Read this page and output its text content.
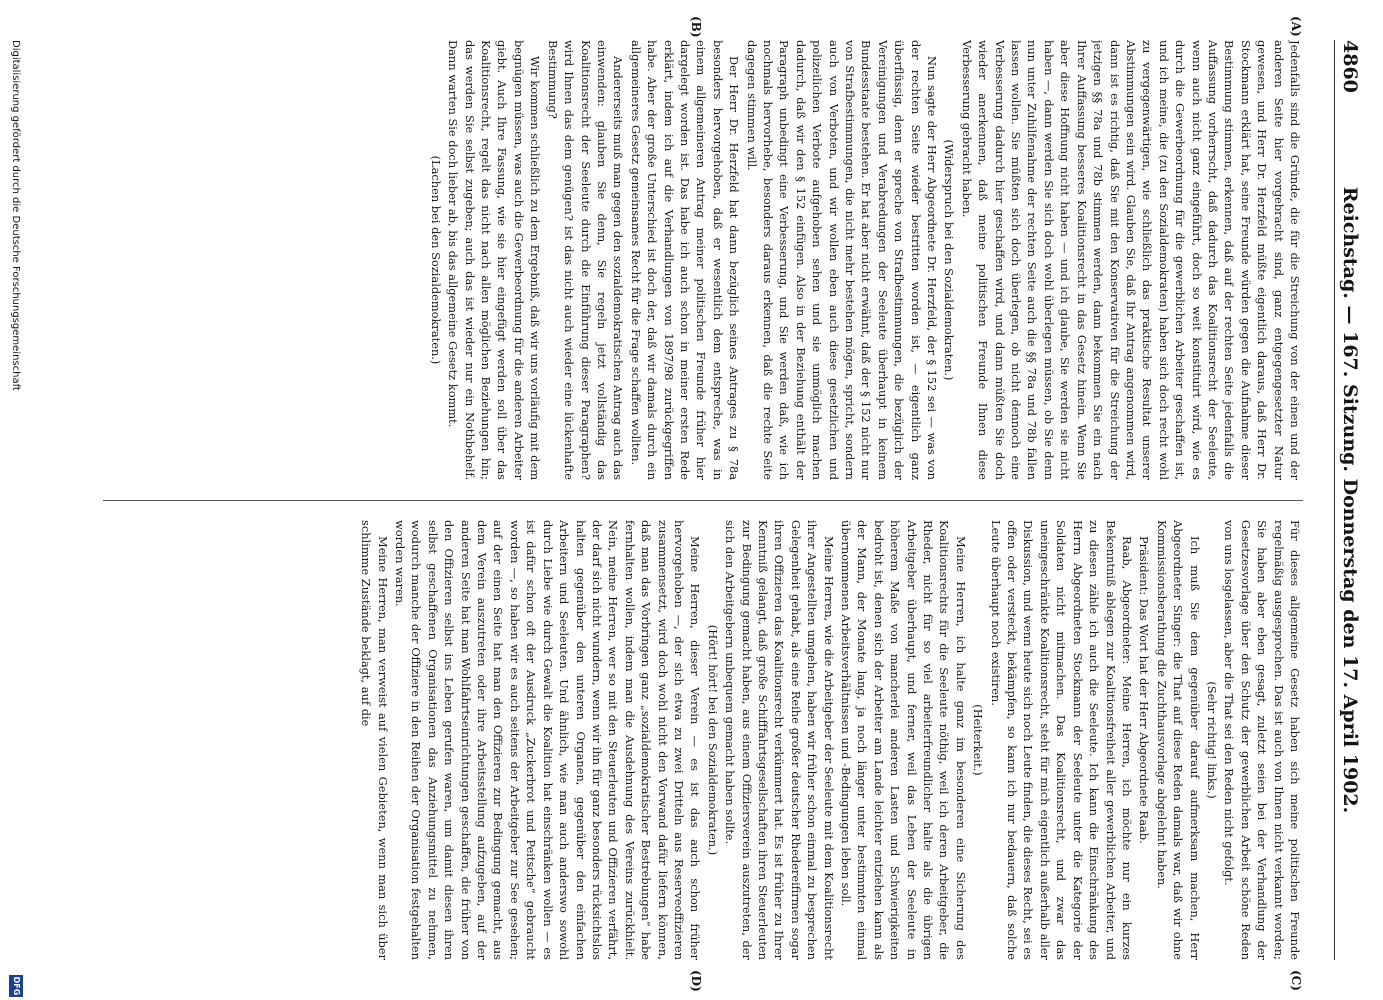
4860
Reichstag. — 167. Sitzung. Donnerstag den 17. April 1902.
(A)
(B)
(C)
(D)

Jedenfalls sind die Gründe, die für die Streichung von der einen und der anderen Seite hier vorgebracht sind, ganz entgegengesetzter Natur gewesen, und Herr Dr. Herzfeld müßte eigentlich daraus, daß Herr Dr. Stockmann erklärt hat, seine Freunde würden gegen die Aufnahme dieser Bestimmung stimmen, erkennen, daß auf der rechten Seite jedenfalls die Auffassung vorherrscht, daß dadurch das Koalitionsrecht der Seeleute, wenn auch nicht ganz eingeführt, doch so weit konstituirt wird, wie es durch die Gewerbeordnung für die gewerblichen Arbeiter geschaffen ist, und ich meine, die (zu den Sozialdemokraten) haben sich doch recht wohl zu vergegenwärtigen, wie schließlich das praktische Resultat unserer Abstimmungen sein wird. Glauben Sie, daß Ihr Antrag angenommen wird, dann ist es richtig, daß Sie mit den Konservativen für die Streichung der jetzigen §§ 78a und 78b stimmen werden, dann bekommen Sie ein nach Ihrer Auffassung besseres Koalitionsrecht in das Gesetz hinein. Wenn Sie aber diese Hoffnung nicht haben — und ich glaube, Sie werden sie nicht haben —, dann werden Sie sich doch wohl überlegen müssen, ob Sie denn nun unter Zuhilfenahme der rechten Seite auch die §§ 78a und 78b fallen lassen wollen. Sie müßten sich doch überlegen, ob nicht dennoch eine Verbesserung dadurch hier geschaffen wird, und dann müßten Sie doch wieder anerkennen, daß meine politischen Freunde Ihnen diese Verbesserung gebracht haben.

(Widerspruch bei den Sozialdemokraten.)

Nun sagte der Herr Abgeordnete Dr. Herzfeld, der § 152 sei — was von der rechten Seite wieder bestritten worden ist, — eigentlich ganz überflüssig, denn er spreche von Strafbestimmungen, die bezüglich der Vereinigungen und Verabredungen der Seeleute überhaupt in keinem Bundesstaate bestehen. Er hat aber nicht erwähnt, daß der § 152 nicht nur von Strafbestimmungen, die nicht mehr bestehen mögen, spricht, sondern auch von Verboten, und wir wollen eben auch diese gesetzlichen und polizeilichen Verbote aufgehoben sehen und sie unmöglich machen dadurch, daß wir den § 152 einfügen. Also in der Beziehung enthält der Paragraph unbedingt eine Verbesserung, und Sie werden daß, wie ich nochmals hervorhebe, besonders daraus erkennen, daß die rechte Seite dagegen stimmen will.

Der Herr Dr. Herzfeld hat dann bezüglich seines Antrages zu § 78a besonders hervorgehoben, daß er wesentlich dem entspreche, was in einem allgemeineren Antrag meiner politischen Freunde früher hier dargelegt worden ist. Das habe ich auch schon in meiner ersten Rede erklärt, indem ich auf die Verhandlungen von 1897/98 zurückgegriffen habe. Aber der große Unterschied ist doch der, daß wir damals durch ein allgemeineres Gesetz gemeinsames Recht für die Frage schaffen wollten.

Andererseits muß man gegen den sozialdemokratischen Antrag auch das einwenden: glauben Sie denn, Sie regeln jetzt vollständig das Koalitionsrecht der Seeleute durch die Einführung dieser Paragraphen? wird Ihnen das dem genügen? ist das nicht auch wieder eine lückenhafte Bestimmung?

Wir kommen schließlich zu dem Ergebniß, daß wir uns vorläufig mit dem begnügen müssen, was auch die Gewerbeordnung für die anderen Arbeiter giebt. Auch Ihre Fassung, wie sie hier eingefügt werden soll über das Koalitionsrecht, regelt das nicht nach allen möglichen Beziehungen hin; das werden Sie selbst zugeben; auch das ist wieder nur ein Nothbehelf. Dann warten Sie doch lieber ab, bis das allgemeine Gesetz kommt.

(Lachen bei den Sozialdemokraten.)

Für dieses allgemeine Gesetz haben sich meine politischen Freunde regelmäßig ausgesprochen. Das ist auch von Ihnen nicht verkannt worden; Sie haben aber eben gesagt, zuletzt seien bei der Verhandlung der Gesetzesvorlage über den Schutz der gewerblichen Arbeit schöne Reden von uns losgelassen, aber die That sei den Reden nicht gefolgt.

(Sehr richtig! links.)

Ich muß Sie dem gegenüber darauf aufmerksam machen, Herr Abgeordneter Singer: die That auf diese Reden damals war, daß wir ohne Kommissionsberathung die Zuchthausvorlage abgelehnt haben.

Präsident: Das Wort hat der Herr Abgeordnete Raab.

Raab, Abgeordneter: Meine Herren, ich möchte nur ein kurzes Bekenntniß ablegen zur Koalitionsfreiheit aller gewerblichen Arbeiter, und zu diesen zähle ich auch die Seeleute. Ich kann die Einschränkung des Herrn Abgeordneten Stockmann der Seeleute unter die Kategorie der Soldaten nicht mitmachen. Das Koalitionsrecht, und zwar das uneingeschränkte Koalitionsrecht, steht für mich eigentlich außerhalb aller Diskussion, und wenn heute sich noch Leute finden, die dieses Recht, sei es offen oder versteckt, bekämpfen, so kann ich nur bedauern, daß solche Leute überhaupt noch existiren.

(Heiterkeit.)

Meine Herren, ich halte ganz im besonderen eine Sicherung des Koalitionsrechts für die Seeleute nöthig, weil ich deren Arbeitgeber, die Rheder, nicht für so viel arbeiterfreundlicher halte als die übrigen Arbeitgeber überhaupt, und ferner, weil das Leben der Seeleute in höherem Maße von mancherlei anderen Lasten und Schwierigkeiten bedroht ist, denen sich der Arbeiter am Lande leichter entziehen kann als der Mann, der Monate lang, ja noch länger unter bestimmten einmal übernommenen Arbeitsverhältnissen und -Bedingungen leben soll.

Meine Herren, wie die Arbeitgeber der Seeleute mit dem Koalitionsrecht ihrer Angestellten umgehen, haben wir früher schon einmal zu besprechen Gelegenheit gehabt, als eine Reihe großer deutscher Rhedereifirmen sogar ihren Offizieren das Koalitionsrecht verkümmert hat. Es ist früher zu Ihrer Kenntniß gelangt, daß große Schifffahrtsgesellschaften ihren Steuerleuten zur Bedingung gemacht haben, aus einem Offiziersverein auszutreten, der sich den Arbeitgebern unbequem gemacht haben sollte.

(Hört! hört! bei den Sozialdemokraten.)

Meine Herren, dieser Verein — es ist das auch schon früher hervorgehoben —, der sich etwa zu zwei Dritteln aus Reserveoffizieren zusammensetzt, wird doch wohl nicht den Vorwand dafür liefern können, daß man das Vorbringen ganz „sozialdemokratischer Bestrebungen“ habe fernhalten wollen, indem man die Ausdehnung des Vereins zurückhielt. Nein, meine Herren, wer so mit den Steuerleuten und Offizieren verfährt, der darf sich nicht wundern, wenn wir ihn für ganz besonders rücksichtslos halten gegenüber den unteren Organen, gegenüber den einfachen Arbeitern und Seeleuten. Und ähnlich, wie man auch anderswo sowohl durch Liebe wie durch Gewalt die Koalition hat einschränken wollen — es ist dafür schon oft der Ausdruck „Zuckerbrot und Peitsche“ gebraucht worden —, so haben wir es auch seitens der Arbeitgeber zur See gesehen; auf der einen Seite hat man den Offizieren zur Bedingung gemacht, aus dem Verein auszutreten oder ihre Arbeitsstellung aufzugeben, auf der anderen Seite hat man Wohlfahrtseinrichtungen geschaffen, die früher von den Offizieren selbst ins Leben gerufen waren, um damit diesen ihren selbst geschaffenen Organisationen das Anziehungsmittel zu nehmen, wodurch manche der Offiziere in den Reihen der Organisation festgehalten worden waren.

Meine Herren, man verweist auf vielen Gebieten, wenn man sich über schlimme Zustände beklagt, auf die

Digitalisierung gefördert durch die Deutsche Forschungsgemeinschaft
DFG
